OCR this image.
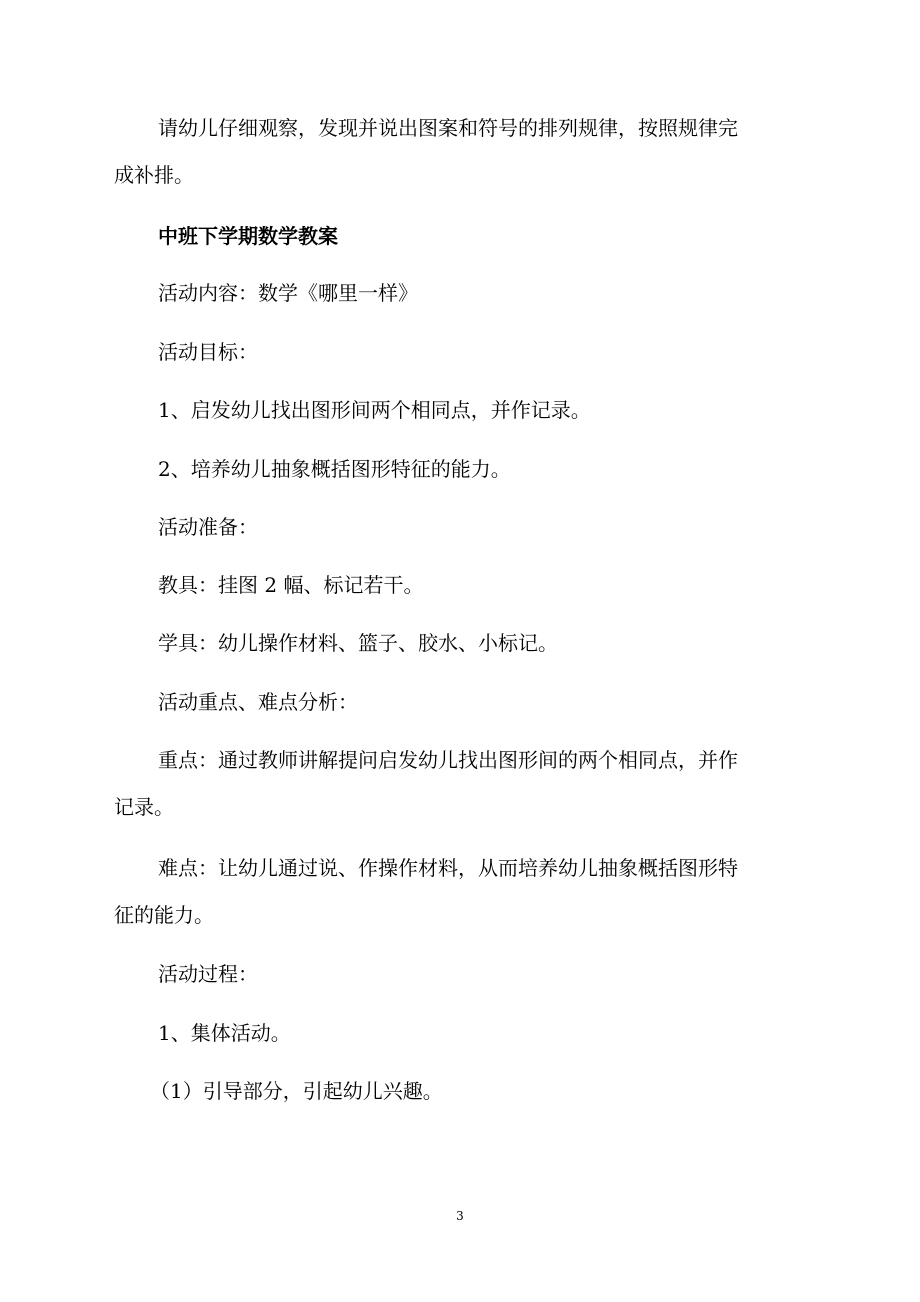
请幼儿仔细观察，发现并说出图案和符号的排列规律，按照规律完
成补排。
中班下学期数学教案
活动内容：数学《哪里一样》
活动目标：
1、启发幼儿找出图形间两个相同点，并作记录。
2、培养幼儿抽象概括图形特征的能力。
活动准备：
教具：挂图 2 幅、标记若干。
学具：幼儿操作材料、篮子、胶水、小标记。
活动重点、难点分析：
重点：通过教师讲解提问启发幼儿找出图形间的两个相同点，并作
记录。
难点：让幼儿通过说、作操作材料，从而培养幼儿抽象概括图形特
征的能力。
活动过程：
1、集体活动。
（1）引导部分，引起幼儿兴趣。
3
